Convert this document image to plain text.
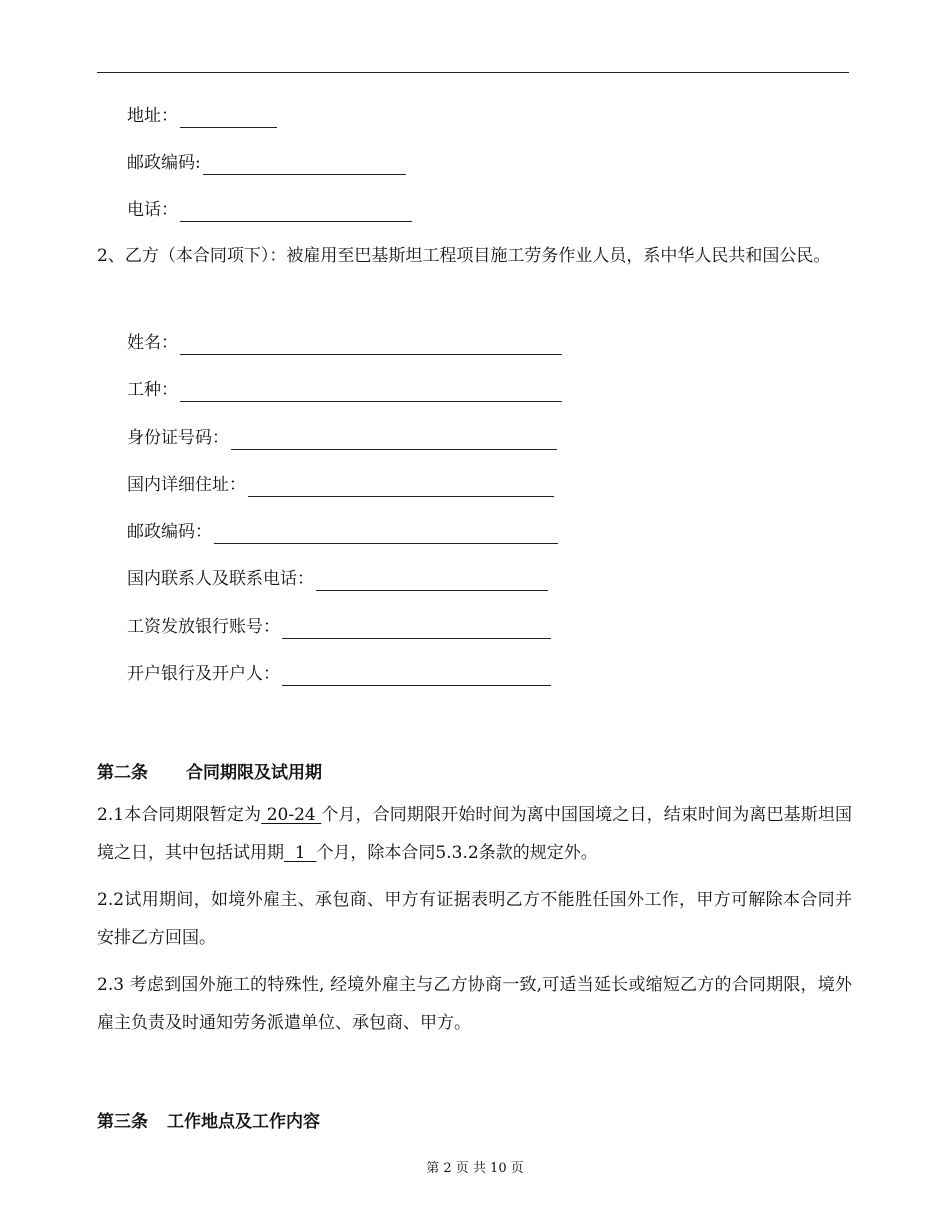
地址：
邮政编码:
电话：
2、乙方（本合同项下）：被雇用至巴基斯坦工程项目施工劳务作业人员，系中华人民共和国公民。
姓名：
工种：
身份证号码：
国内详细住址：
邮政编码：
国内联系人及联系电话：
工资发放银行账号：
开户银行及开户人：
第二条 合同期限及试用期
2.1本合同期限暂定为 20-24 个月，合同期限开始时间为离中国国境之日，结束时间为离巴基斯坦国境之日，其中包括试用期  1  个月，除本合同5.3.2条款的规定外。
2.2试用期间，如境外雇主、承包商、甲方有证据表明乙方不能胜任国外工作，甲方可解除本合同并安排乙方回国。
2.3 考虑到国外施工的特殊性, 经境外雇主与乙方协商一致,可适当延长或缩短乙方的合同期限，境外雇主负责及时通知劳务派遣单位、承包商、甲方。
第三条 工作地点及工作内容
第 2 页 共 10 页
